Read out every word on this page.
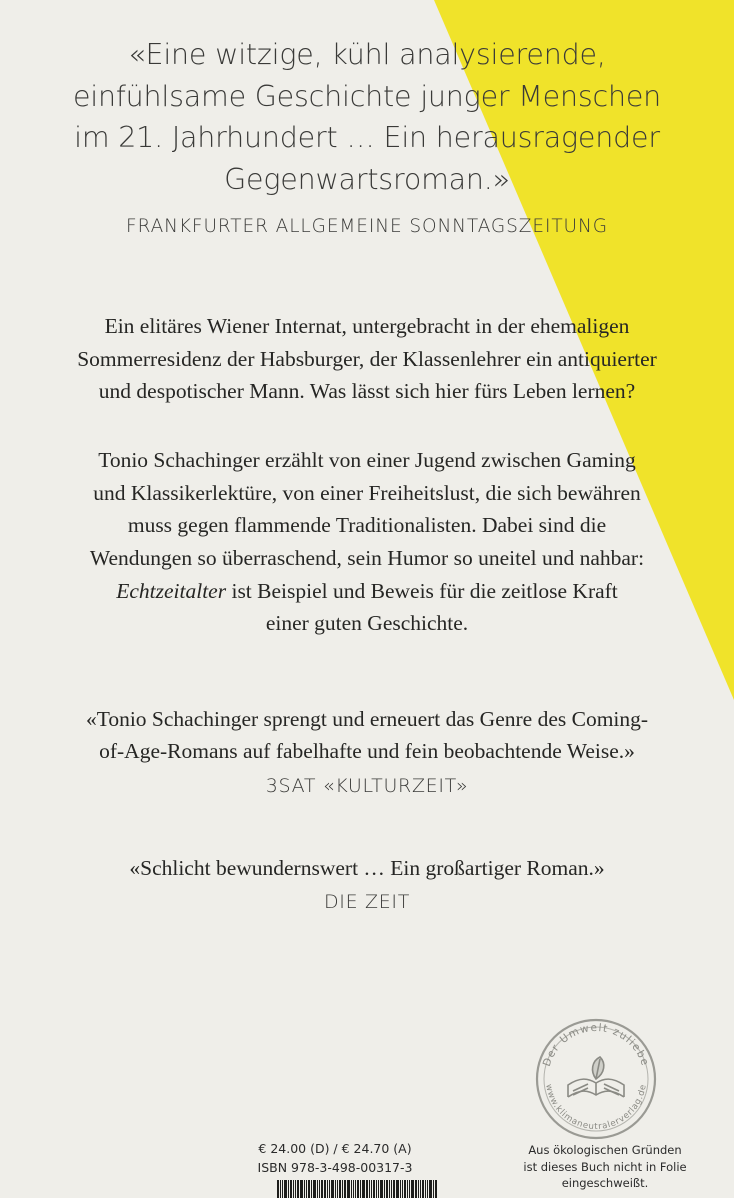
«Eine witzige, kühl analysierende,
einfühlsame Geschichte junger Menschen
im 21. Jahrhundert … Ein herausragender
Gegenwartsroman.»
FRANKFURTER ALLGEMEINE SONNTAGSZEITUNG
Ein elitäres Wiener Internat, untergebracht in der ehemaligen
Sommerresidenz der Habsburger, der Klassenlehrer ein antiquierter
und despotischer Mann. Was lässt sich hier fürs Leben lernen?
Tonio Schachinger erzählt von einer Jugend zwischen Gaming
und Klassikerlektüre, von einer Freiheitslust, die sich bewähren
muss gegen flammende Traditionalisten. Dabei sind die
Wendungen so überraschend, sein Humor so uneitel und nahbar:
Echtzeitalter ist Beispiel und Beweis für die zeitlose Kraft
einer guten Geschichte.
«Tonio Schachinger sprengt und erneuert das Genre des Coming-
of-Age-Romans auf fabelhafte und fein beobachtende Weise.»
3SAT «KULTURZEIT»
«Schlicht bewundernswert … Ein großartiger Roman.»
DIE ZEIT
Der Umwelt zuliebe
www.klimaneutralerverlag.de
€ 24.00 (D) / € 24.70 (A)
ISBN 978-3-498-00317-3
Aus ökologischen Gründen
ist dieses Buch nicht in Folie
eingeschweißt.
